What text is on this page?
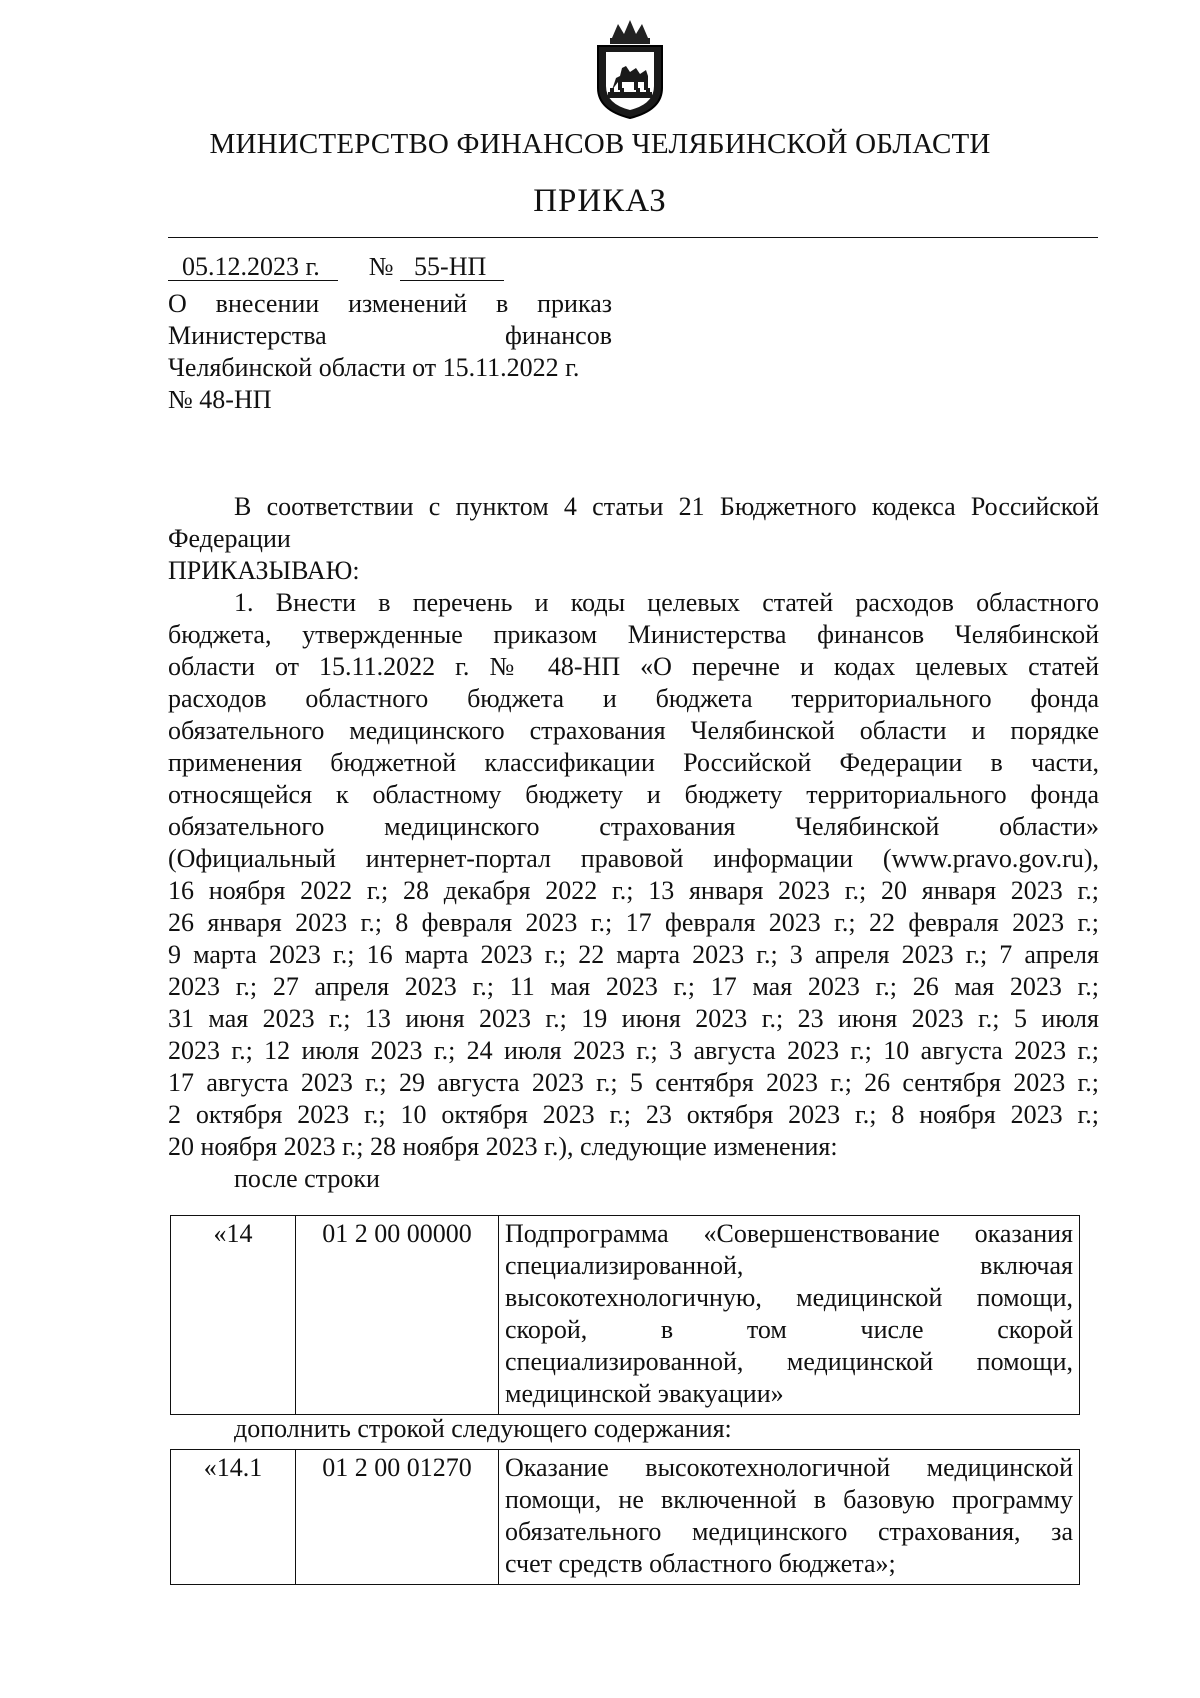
МИНИСТЕРСТВО ФИНАНСОВ ЧЕЛЯБИНСКОЙ ОБЛАСТИ
ПРИКАЗ
05.12.2023 г. № 55-НП
О внесении изменений в приказ
Министерства финансов
Челябинской области от 15.11.2022 г.
№ 48-НП
В соответствии с пунктом 4 статьи 21 Бюджетного кодекса Российской
Федерации
ПРИКАЗЫВАЮ:
1. Внести в перечень и коды целевых статей расходов областного
бюджета, утвержденные приказом Министерства финансов Челябинской
области от 15.11.2022 г. № 48-НП «О перечне и кодах целевых статей
расходов областного бюджета и бюджета территориального фонда
обязательного медицинского страхования Челябинской области и порядке
применения бюджетной классификации Российской Федерации в части,
относящейся к областному бюджету и бюджету территориального фонда
обязательного медицинского страхования Челябинской области»
(Официальный интернет-портал правовой информации (www.pravo.gov.ru),
16 ноября 2022 г.; 28 декабря 2022 г.; 13 января 2023 г.; 20 января 2023 г.;
26 января 2023 г.; 8 февраля 2023 г.; 17 февраля 2023 г.; 22 февраля 2023 г.;
9 марта 2023 г.; 16 марта 2023 г.; 22 марта 2023 г.; 3 апреля 2023 г.; 7 апреля
2023 г.; 27 апреля 2023 г.; 11 мая 2023 г.; 17 мая 2023 г.; 26 мая 2023 г.;
31 мая 2023 г.; 13 июня 2023 г.; 19 июня 2023 г.; 23 июня 2023 г.; 5 июля
2023 г.; 12 июля 2023 г.; 24 июля 2023 г.; 3 августа 2023 г.; 10 августа 2023 г.;
17 августа 2023 г.; 29 августа 2023 г.; 5 сентября 2023 г.; 26 сентября 2023 г.;
2 октября 2023 г.; 10 октября 2023 г.; 23 октября 2023 г.; 8 ноября 2023 г.;
20 ноября 2023 г.; 28 ноября 2023 г.), следующие изменения:
после строки
«14	01 2 00 00000	Подпрограмма «Совершенствование оказания
специализированной, включая
высокотехнологичную, медицинской помощи,
скорой, в том числе скорой
специализированной, медицинской помощи,
медицинской эвакуации»
дополнить строкой следующего содержания:
«14.1	01 2 00 01270	Оказание высокотехнологичной медицинской
помощи, не включенной в базовую программу
обязательного медицинского страхования, за
счет средств областного бюджета»;
